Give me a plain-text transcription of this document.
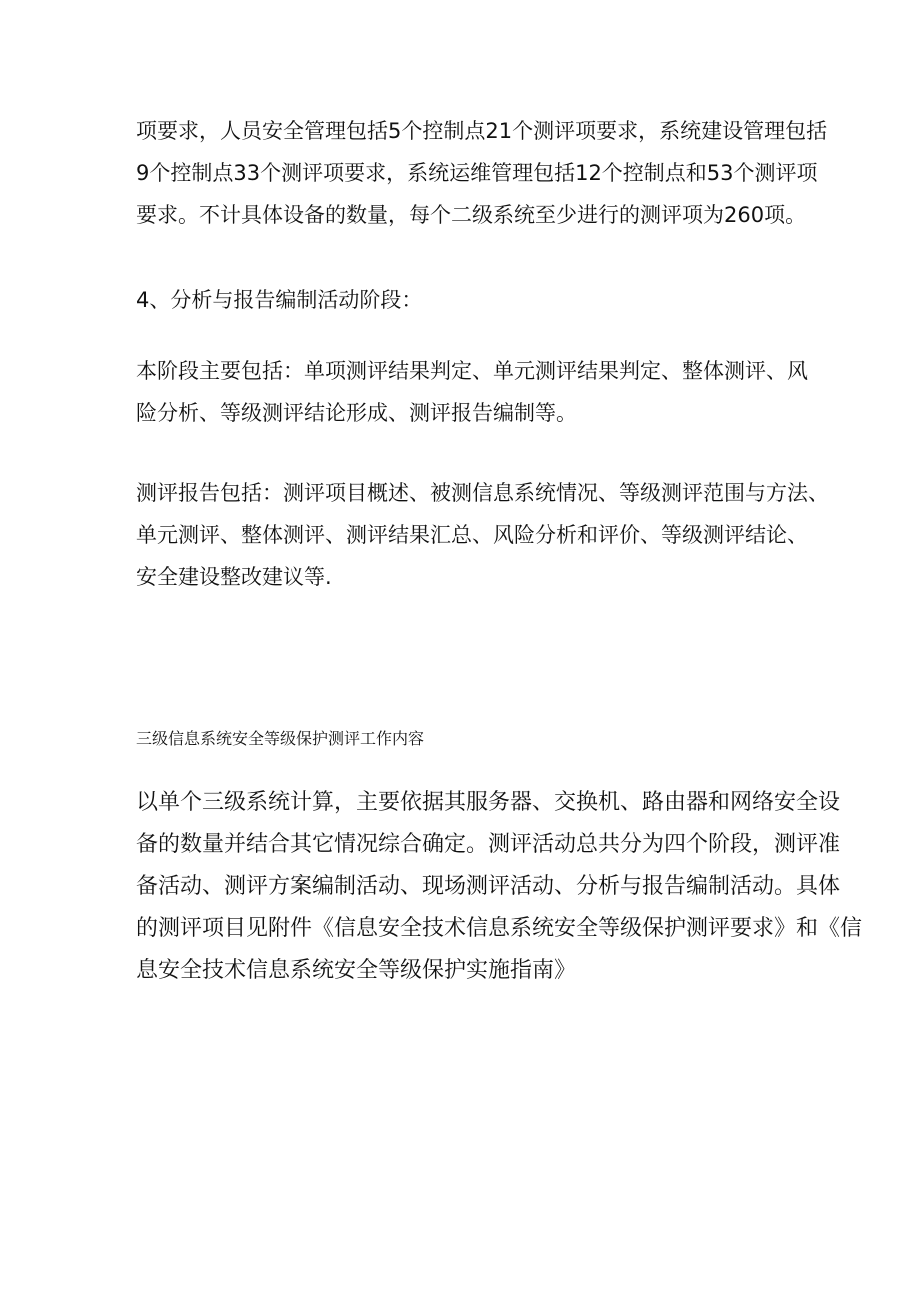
项要求，人员安全管理包括5个控制点21个测评项要求，系统建设管理包括
9个控制点33个测评项要求，系统运维管理包括12个控制点和53个测评项
要求。不计具体设备的数量，每个二级系统至少进行的测评项为260项。

4、分析与报告编制活动阶段：

本阶段主要包括：单项测评结果判定、单元测评结果判定、整体测评、风
险分析、等级测评结论形成、测评报告编制等。

测评报告包括：测评项目概述、被测信息系统情况、等级测评范围与方法、
单元测评、整体测评、测评结果汇总、风险分析和评价、等级测评结论、
安全建设整改建议等.

三级信息系统安全等级保护测评工作内容

以单个三级系统计算，主要依据其服务器、交换机、路由器和网络安全设
备的数量并结合其它情况综合确定。测评活动总共分为四个阶段，测评准
备活动、测评方案编制活动、现场测评活动、分析与报告编制活动。具体
的测评项目见附件《信息安全技术信息系统安全等级保护测评要求》和《信
息安全技术信息系统安全等级保护实施指南》
